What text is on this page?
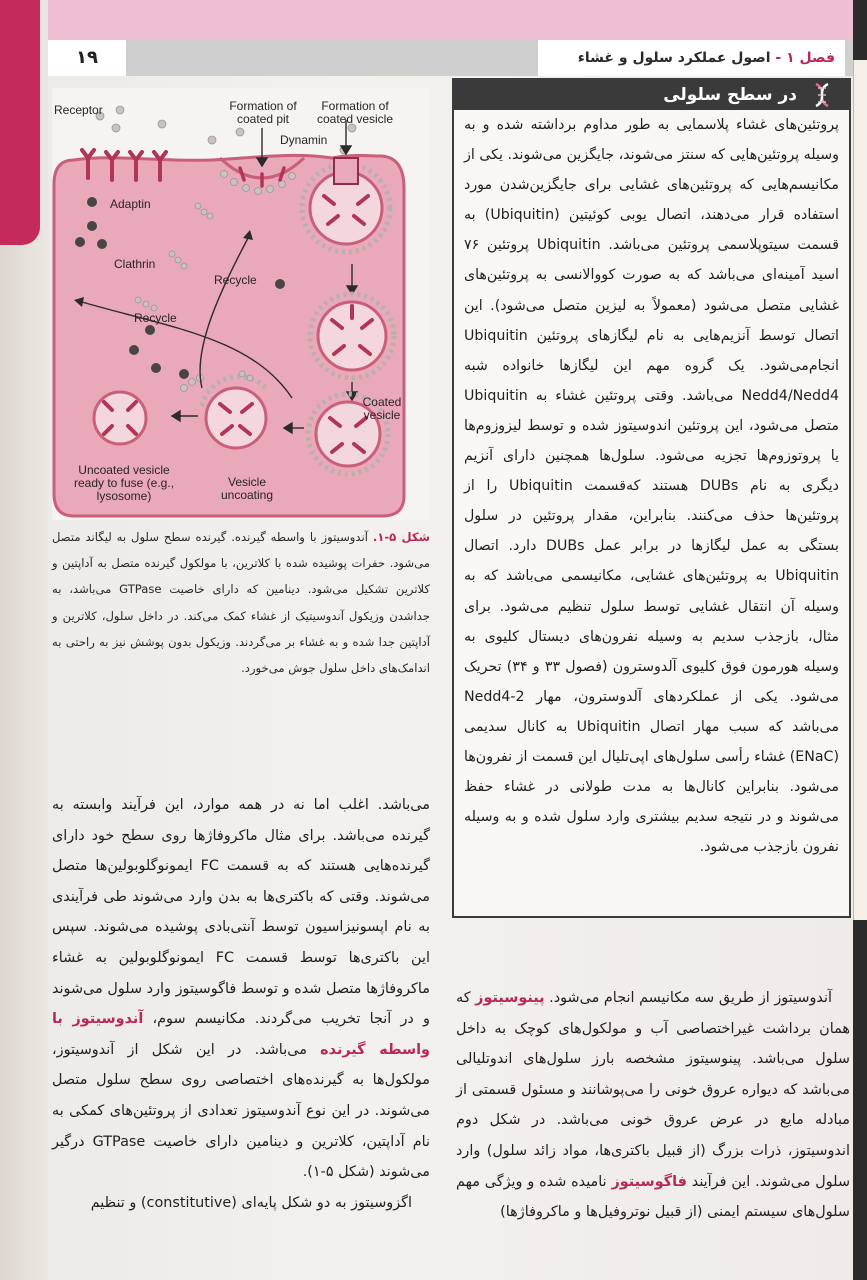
فصل ۱ - اصول عملکرد سلول و غشاء
۱۹
Receptor	Formation of coated pit
Formation of coated vesicle
Dynamin
Adaptin
Clathrin
Recycle
Recycle
Coated vesicle
Uncoated vesicle ready to fuse (e.g., lysosome)
Vesicle uncoating
شکل ۵-۱. آندوسیتوز با واسطه گیرنده. گیرنده سطح سلول به لیگاند متصل می‌شود. حفرات پوشیده شده با کلاترین، با مولکول گیرنده متصل به آداپتین و کلاترین تشکیل می‌شود. دینامین که دارای خاصیت GTPase می‌باشد، به جداشدن وزیکول آندوسیتیک از غشاء کمک می‌کند. در داخل سلول، کلاترین و آداپتین جدا شده و به غشاء بر می‌گردند. وزیکول بدون پوشش نیز به راحتی به اندامک‌های داخل سلول جوش می‌خورد.

می‌باشد. اغلب اما نه در همه موارد، این فرآیند وابسته به گیرنده می‌باشد. برای مثال ماکروفاژها روی سطح خود دارای گیرنده‌هایی هستند که به قسمت FC ایمونوگلوبولین‌ها متصل می‌شوند. وقتی که باکتری‌ها به بدن وارد می‌شوند طی فرآیندی به نام اپسونیزاسیون توسط آنتی‌بادی پوشیده می‌شوند. سپس این باکتری‌ها توسط قسمت FC ایمونوگلوبولین به غشاء ماکروفاژها متصل شده و توسط فاگوسیتوز وارد سلول می‌شوند و در آنجا تخریب می‌گردند. مکانیسم سوم، آندوسیتوز با واسطه گیرنده می‌باشد. در این شکل از آندوسیتوز، مولکول‌ها به گیرنده‌های اختصاصی روی سطح سلول متصل می‌شوند. در این نوع آندوسیتوز تعدادی از پروتئین‌های کمکی به نام آداپتین، کلاترین و دینامین دارای خاصیت GTPase درگیر می‌شوند (شکل ۵-۱).

اگزوسیتوز به دو شکل پایه‌ای (constitutive) و تنظیم

در سطح سلولی
پروتئین‌های غشاء پلاسمایی به طور مداوم برداشته شده و به وسیله پروتئین‌هایی که سنتز می‌شوند، جایگزین می‌شوند. یکی از مکانیسم‌هایی که پروتئین‌های غشایی برای جایگزین‌شدن مورد استفاده قرار می‌دهند، اتصال یوبی کوئیتین (Ubiquitin) به قسمت سیتوپلاسمی پروتئین می‌باشد. Ubiquitin پروتئین ۷۶ اسید آمینه‌ای می‌باشد که به صورت کووالانسی به پروتئین‌های غشایی متصل می‌شود (معمولاً به لیزین متصل می‌شود). این اتصال توسط آنزیم‌هایی به نام لیگازهای پروتئین Ubiquitin انجام‌می‌شود. یک گروه مهم این لیگازها خانواده شبه Nedd4/Nedd4 می‌باشد. وقتی پروتئین غشاء به Ubiquitin متصل می‌شود، این پروتئین اندوسیتوز شده و توسط لیزوزوم‌ها یا پروتوزوم‌ها تجزیه می‌شود. سلول‌ها همچنین دارای آنزیم دیگری به نام DUBs هستند که‌قسمت Ubiquitin را از پروتئین‌ها حذف می‌کنند. بنابراین، مقدار پروتئین در سلول بستگی به عمل لیگازها در برابر عمل DUBs دارد. اتصال Ubiquitin به پروتئین‌های غشایی، مکانیسمی می‌باشد که به وسیله آن انتقال غشایی توسط سلول تنظیم می‌شود. برای مثال، بازجذب سدیم به وسیله نفرون‌های دیستال کلیوی به وسیله هورمون فوق کلیوی آلدوسترون (فصول ۳۳ و ۳۴) تحریک می‌شود. یکی از عملکردهای آلدوسترون، مهار Nedd4-2 می‌باشد که سبب مهار اتصال Ubiquitin به کانال سدیمی (ENaC) غشاء رأسی سلول‌های اپی‌تلیال این قسمت از نفرون‌ها می‌شود. بنابراین کانال‌ها به مدت طولانی در غشاء حفظ می‌شوند و در نتیجه سدیم بیشتری وارد سلول شده و به وسیله نفرون بازجذب می‌شود.

آندوسیتوز از طریق سه مکانیسم انجام می‌شود. پینوسیتوز که همان برداشت غیراختصاصی آب و مولکول‌های کوچک به داخل سلول می‌باشد. پینوسیتوز مشخصه بارز سلول‌های اندوتلیالی می‌باشد که دیواره عروق خونی را می‌پوشانند و مسئول قسمتی از مبادله مایع در عرض عروق خونی می‌باشد. در شکل دوم اندوسیتوز، ذرات بزرگ (از قبیل باکتری‌ها، مواد زائد سلول) وارد سلول می‌شوند. این فرآیند فاگوسیتوز نامیده شده و ویژگی مهم سلول‌های سیستم ایمنی (از قبیل نوتروفیل‌ها و ماکروفاژها)
